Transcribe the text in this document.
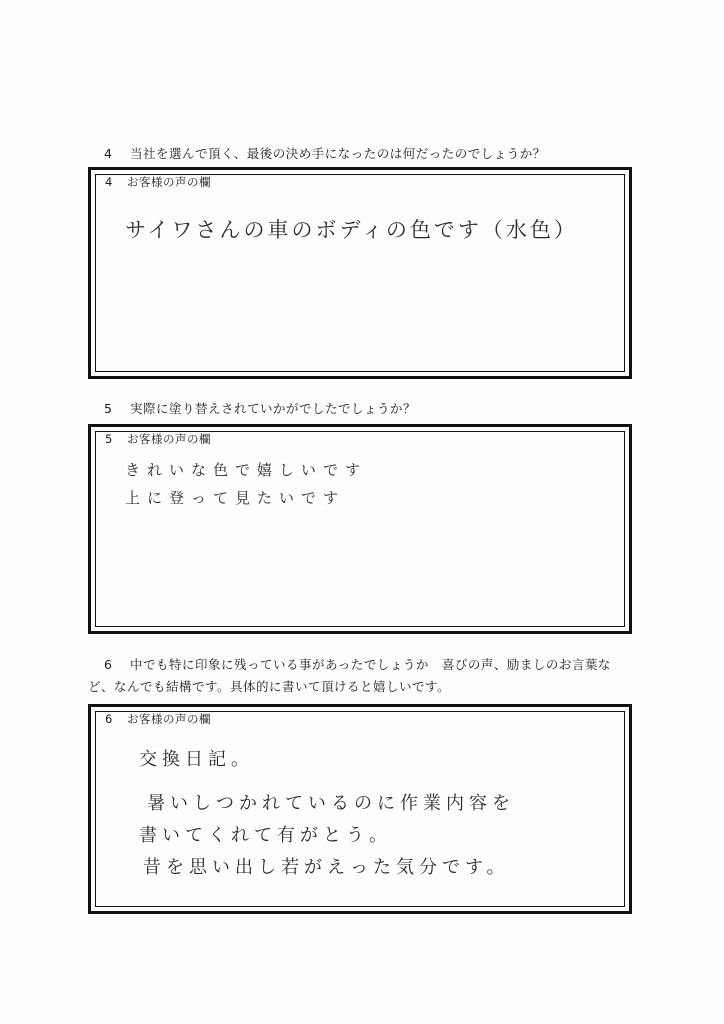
4 当社を選んで頂く、最後の決め手になったのは何だったのでしょうか？
4 お客様の声の欄
サイワさんの車のボディの色です（水色）
5 実際に塗り替えされていかがでしたでしょうか？
5 お客様の声の欄
きれいな色で嬉しいです
上に登って見たいです
6 中でも特に印象に残っている事があったでしょうか　喜びの声、励ましのお言葉な
ど、なんでも結構です。具体的に書いて頂けると嬉しいです。
6 お客様の声の欄
交換日記。
暑いしつかれているのに作業内容を
書いてくれて有がとう。
昔を思い出し若がえった気分です。
